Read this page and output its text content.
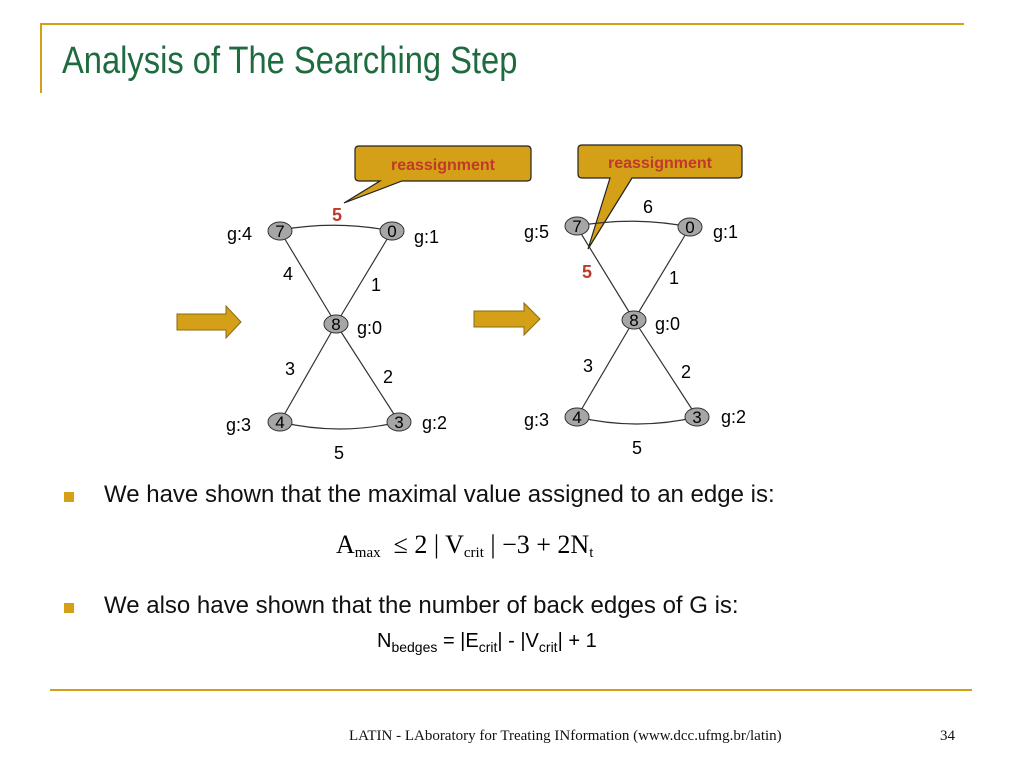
Analysis of The Searching Step
reassignment
7	0
8
4	3
g:4	g:1
g:0
g:3	g:2
5
4
1
3	2
5
reassignment
7	0
8
4	3
g:5	g:1
g:0
g:3	g:2
6
5	1
3	2
5
We have shown that the maximal value assigned to an edge is:
$A_{max} \le 2$ | $V_{crit}$ | $-3 + 2N_t$
We also have shown that the number of back edges of G is:
$N_{bedges} = |E_{crit}| - |V_{crit}| + 1$
LATIN - LAboratory for Treating INformation (www.dcc.ufmg.br/latin)	34
